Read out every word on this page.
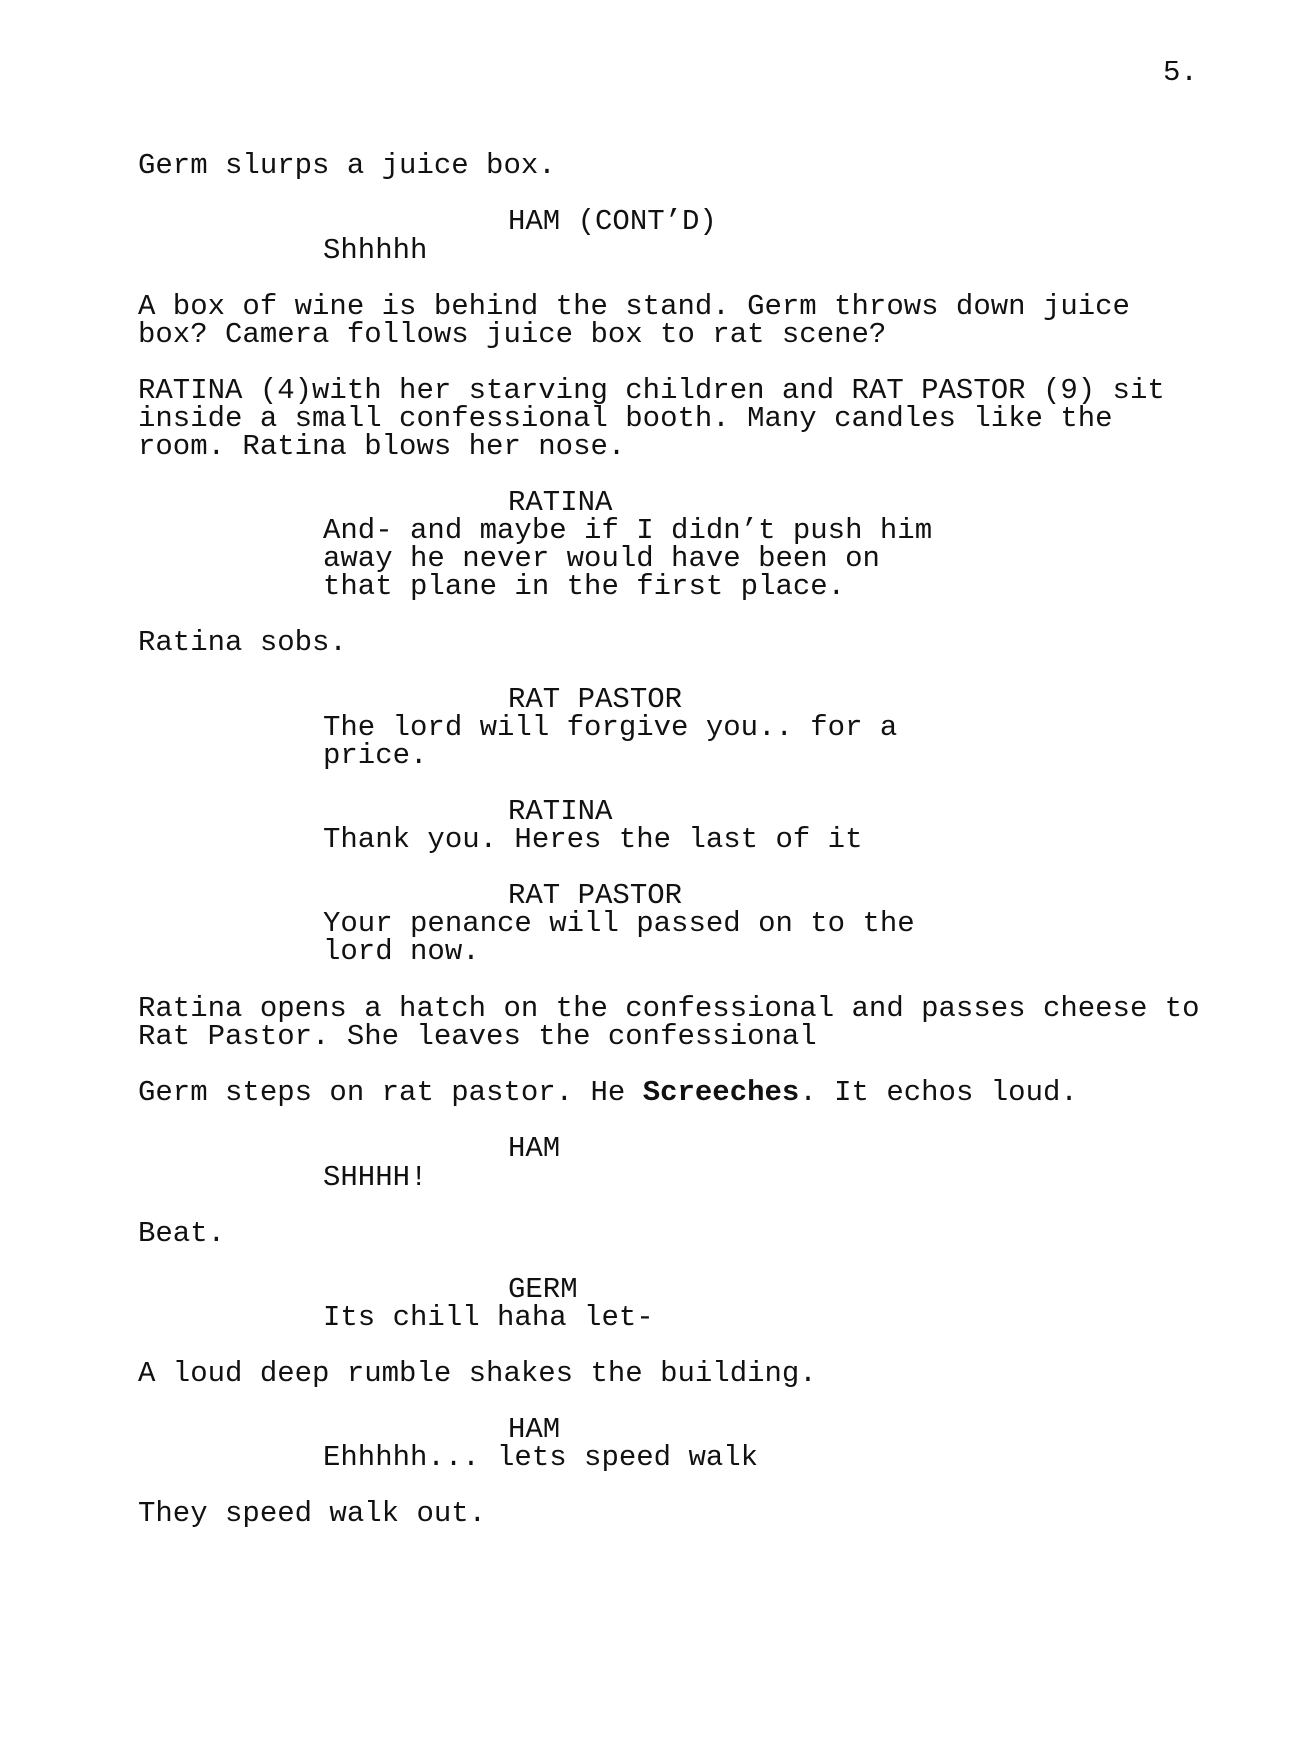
5.
Germ slurps a juice box.
HAM (CONT’D)
Shhhhh
A box of wine is behind the stand. Germ throws down juice
box? Camera follows juice box to rat scene?
RATINA (4)with her starving children and RAT PASTOR (9) sit
inside a small confessional booth. Many candles like the
room. Ratina blows her nose.
RATINA
And- and maybe if I didn’t push him
away he never would have been on
that plane in the first place.
Ratina sobs.
RAT PASTOR
The lord will forgive you.. for a
price.
RATINA
Thank you. Heres the last of it
RAT PASTOR
Your penance will passed on to the
lord now.
Ratina opens a hatch on the confessional and passes cheese to
Rat Pastor. She leaves the confessional
Germ steps on rat pastor. He Screeches. It echos loud.
HAM
SHHHH!
Beat.
GERM
Its chill haha let-
A loud deep rumble shakes the building.
HAM
Ehhhhh... lets speed walk
They speed walk out.
